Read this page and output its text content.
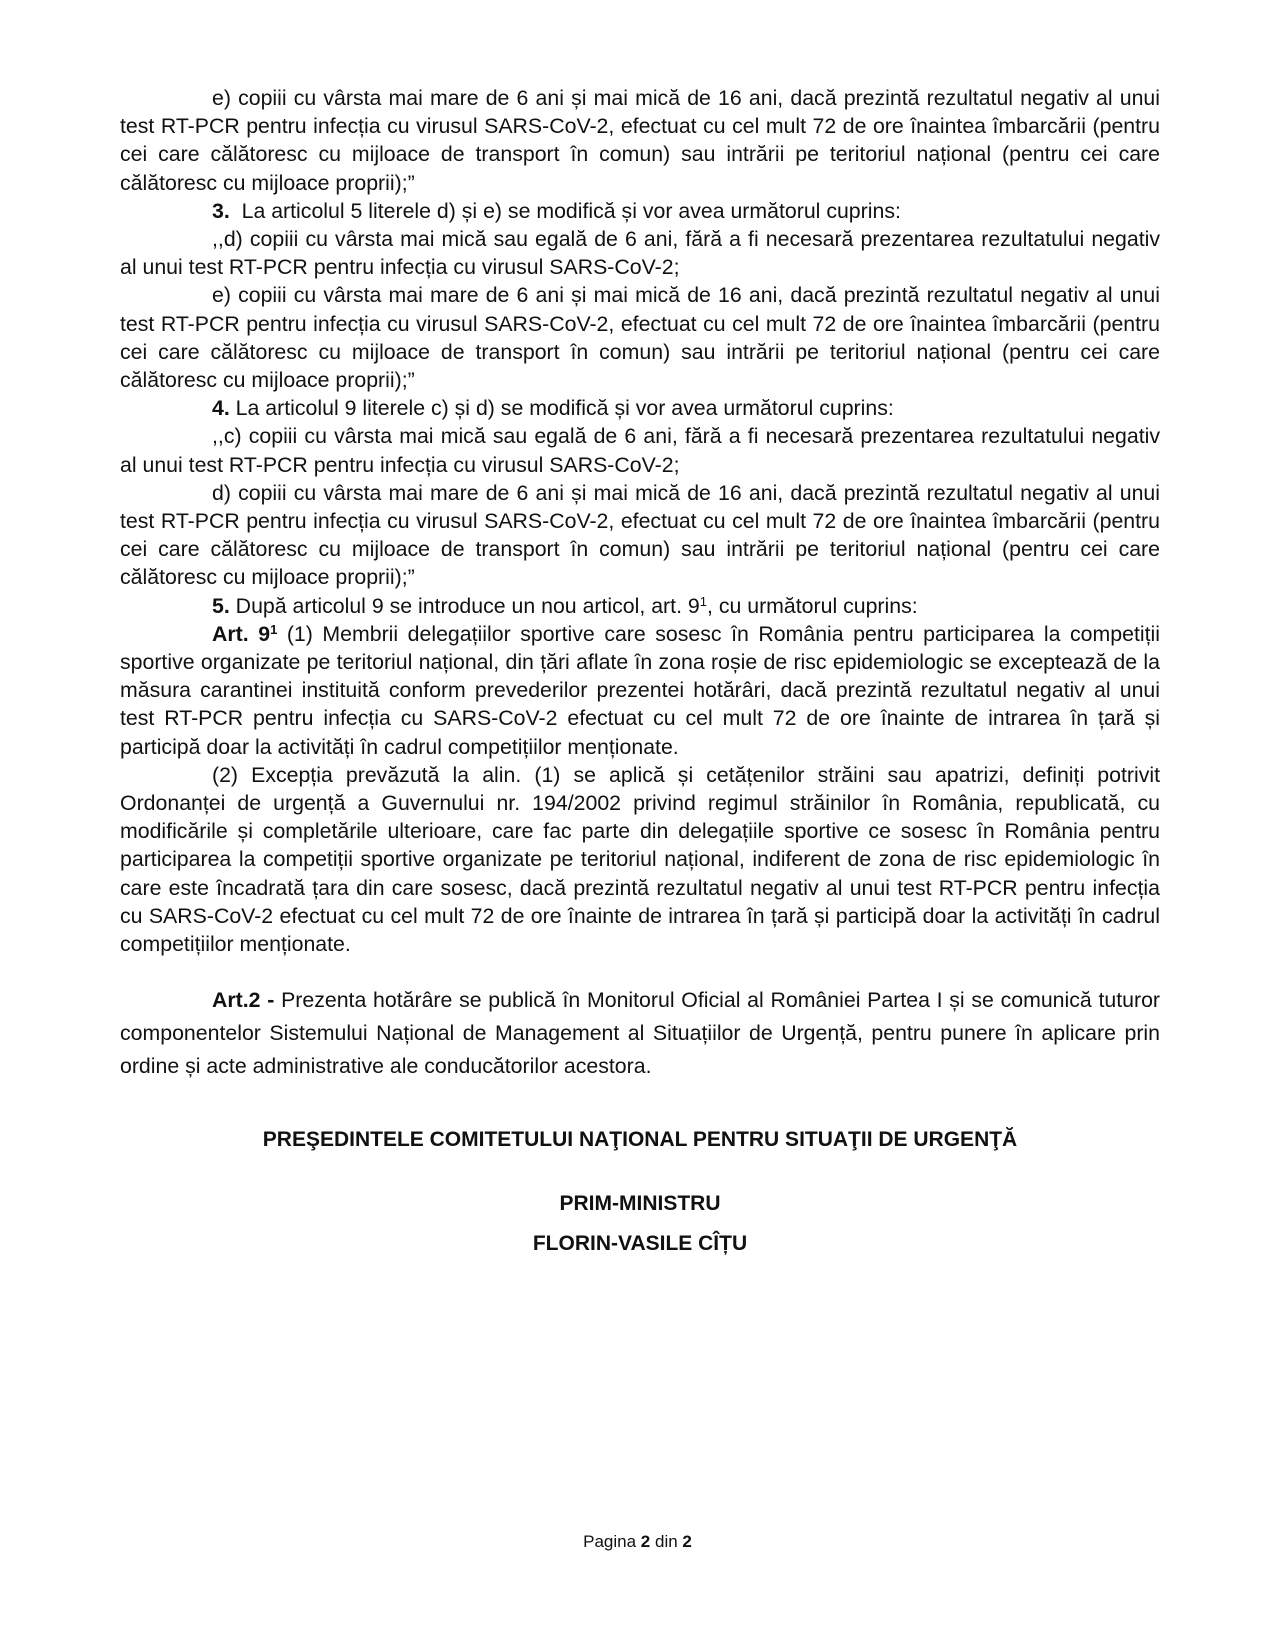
e) copiii cu vârsta mai mare de 6 ani și mai mică de 16 ani, dacă prezintă rezultatul negativ al unui test RT-PCR pentru infecția cu virusul SARS-CoV-2, efectuat cu cel mult 72 de ore înaintea îmbarcării (pentru cei care călătoresc cu mijloace de transport în comun) sau intrării pe teritoriul național (pentru cei care călătoresc cu mijloace proprii);”

3.  La articolul 5 literele d) și e) se modifică și vor avea următorul cuprins:

,,d) copiii cu vârsta mai mică sau egală de 6 ani, fără a fi necesară prezentarea rezultatului negativ al unui test RT-PCR pentru infecția cu virusul SARS-CoV-2;

e) copiii cu vârsta mai mare de 6 ani și mai mică de 16 ani, dacă prezintă rezultatul negativ al unui test RT-PCR pentru infecția cu virusul SARS-CoV-2, efectuat cu cel mult 72 de ore înaintea îmbarcării (pentru cei care călătoresc cu mijloace de transport în comun) sau intrării pe teritoriul național (pentru cei care călătoresc cu mijloace proprii);”

4. La articolul 9 literele c) și d) se modifică și vor avea următorul cuprins:

,,c) copiii cu vârsta mai mică sau egală de 6 ani, fără a fi necesară prezentarea rezultatului negativ al unui test RT-PCR pentru infecția cu virusul SARS-CoV-2;

d) copiii cu vârsta mai mare de 6 ani și mai mică de 16 ani, dacă prezintă rezultatul negativ al unui test RT-PCR pentru infecția cu virusul SARS-CoV-2, efectuat cu cel mult 72 de ore înaintea îmbarcării (pentru cei care călătoresc cu mijloace de transport în comun) sau intrării pe teritoriul național (pentru cei care călătoresc cu mijloace proprii);”

5. După articolul 9 se introduce un nou articol, art. $9^1$, cu următorul cuprins:

Art. $9^1$ (1) Membrii delegațiilor sportive care sosesc în România pentru participarea la competiții sportive organizate pe teritoriul național, din țări aflate în zona roșie de risc epidemiologic se exceptează de la măsura carantinei instituită conform prevederilor prezentei hotărâri, dacă prezintă rezultatul negativ al unui test RT-PCR pentru infecția cu SARS-CoV-2 efectuat cu cel mult 72 de ore înainte de intrarea în țară și participă doar la activități în cadrul competițiilor menționate.

(2) Excepția prevăzută la alin. (1) se aplică și cetățenilor străini sau apatrizi, definiți potrivit Ordonanței de urgență a Guvernului nr. 194/2002 privind regimul străinilor în România, republicată, cu modificările și completările ulterioare, care fac parte din delegațiile sportive ce sosesc în România pentru participarea la competiții sportive organizate pe teritoriul național, indiferent de zona de risc epidemiologic în care este încadrată țara din care sosesc, dacă prezintă rezultatul negativ al unui test RT-PCR pentru infecția cu SARS-CoV-2 efectuat cu cel mult 72 de ore înainte de intrarea în țară și participă doar la activități în cadrul competițiilor menționate.

Art.2 - Prezenta hotărâre se publică în Monitorul Oficial al României Partea I și se comunică tuturor componentelor Sistemului Național de Management al Situațiilor de Urgență, pentru punere în aplicare prin ordine și acte administrative ale conducătorilor acestora.

PREŞEDINTELE COMITETULUI NAŢIONAL PENTRU SITUAŢII DE URGENŢĂ
PRIM-MINISTRU
FLORIN-VASILE CÎȚU
Pagina 2 din 2
